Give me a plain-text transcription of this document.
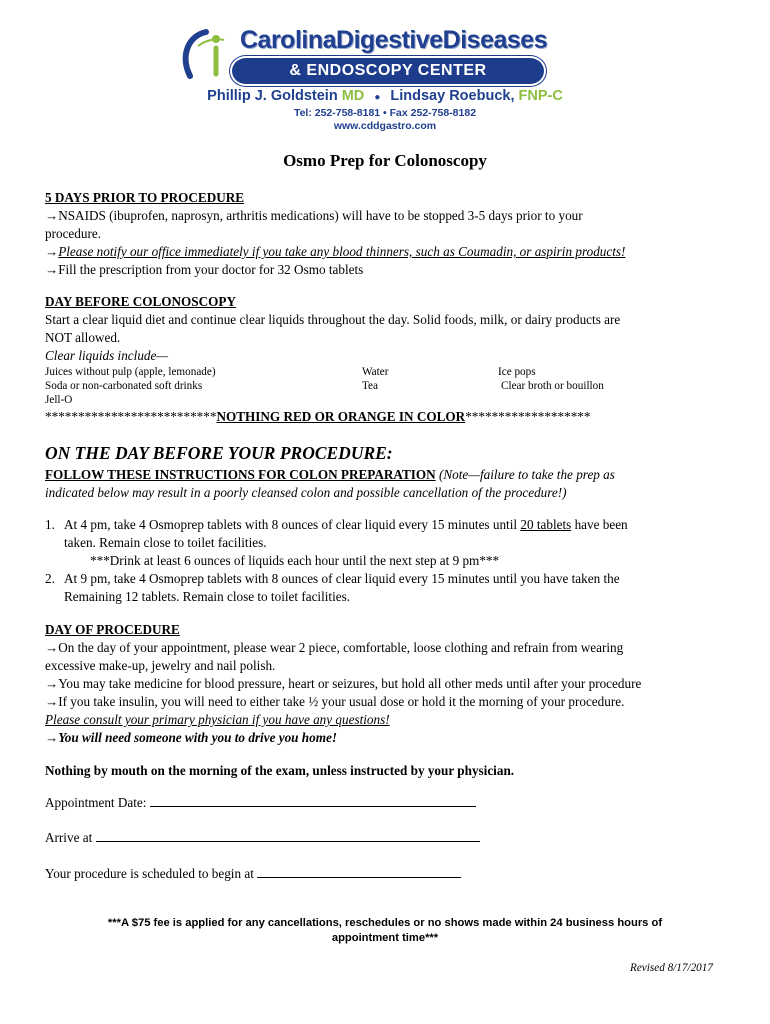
CarolinaDigestiveDiseases
& ENDOSCOPY CENTER
Phillip J. Goldstein MD ● Lindsay Roebuck, FNP-C
Tel: 252-758-8181 • Fax 252-758-8182
www.cddgastro.com
Osmo Prep for Colonoscopy
5 DAYS PRIOR TO PROCEDURE
→NSAIDS (ibuprofen, naprosyn, arthritis medications) will have to be stopped 3-5 days prior to your
procedure.
→Please notify our office immediately if you take any blood thinners, such as Coumadin, or aspirin products!
→Fill the prescription from your doctor for 32 Osmo tablets
DAY BEFORE COLONOSCOPY
Start a clear liquid diet and continue clear liquids throughout the day. Solid foods, milk, or dairy products are
NOT allowed.
Clear liquids include—
Juices without pulp (apple, lemonade)
Soda or non-carbonated soft drinks
Jell-O
Water
Tea
Ice pops
Clear broth or bouillon
**************************NOTHING RED OR ORANGE IN COLOR*******************
ON THE DAY BEFORE YOUR PROCEDURE:
FOLLOW THESE INSTRUCTIONS FOR COLON PREPARATION (Note—failure to take the prep as
indicated below may result in a poorly cleansed colon and possible cancellation of the procedure!)
1. At 4 pm, take 4 Osmoprep tablets with 8 ounces of clear liquid every 15 minutes until 20 tablets have been
taken. Remain close to toilet facilities.
***Drink at least 6 ounces of liquids each hour until the next step at 9 pm***
2. At 9 pm, take 4 Osmoprep tablets with 8 ounces of clear liquid every 15 minutes until you have taken the
Remaining 12 tablets. Remain close to toilet facilities.
DAY OF PROCEDURE
→On the day of your appointment, please wear 2 piece, comfortable, loose clothing and refrain from wearing
excessive make-up, jewelry and nail polish.
→You may take medicine for blood pressure, heart or seizures, but hold all other meds until after your procedure
→If you take insulin, you will need to either take ½ your usual dose or hold it the morning of your procedure.
Please consult your primary physician if you have any questions!
→You will need someone with you to drive you home!
Nothing by mouth on the morning of the exam, unless instructed by your physician.
Appointment Date:
Arrive at
Your procedure is scheduled to begin at
***A $75 fee is applied for any cancellations, reschedules or no shows made within 24 business hours of
appointment time***
Revised 8/17/2017
